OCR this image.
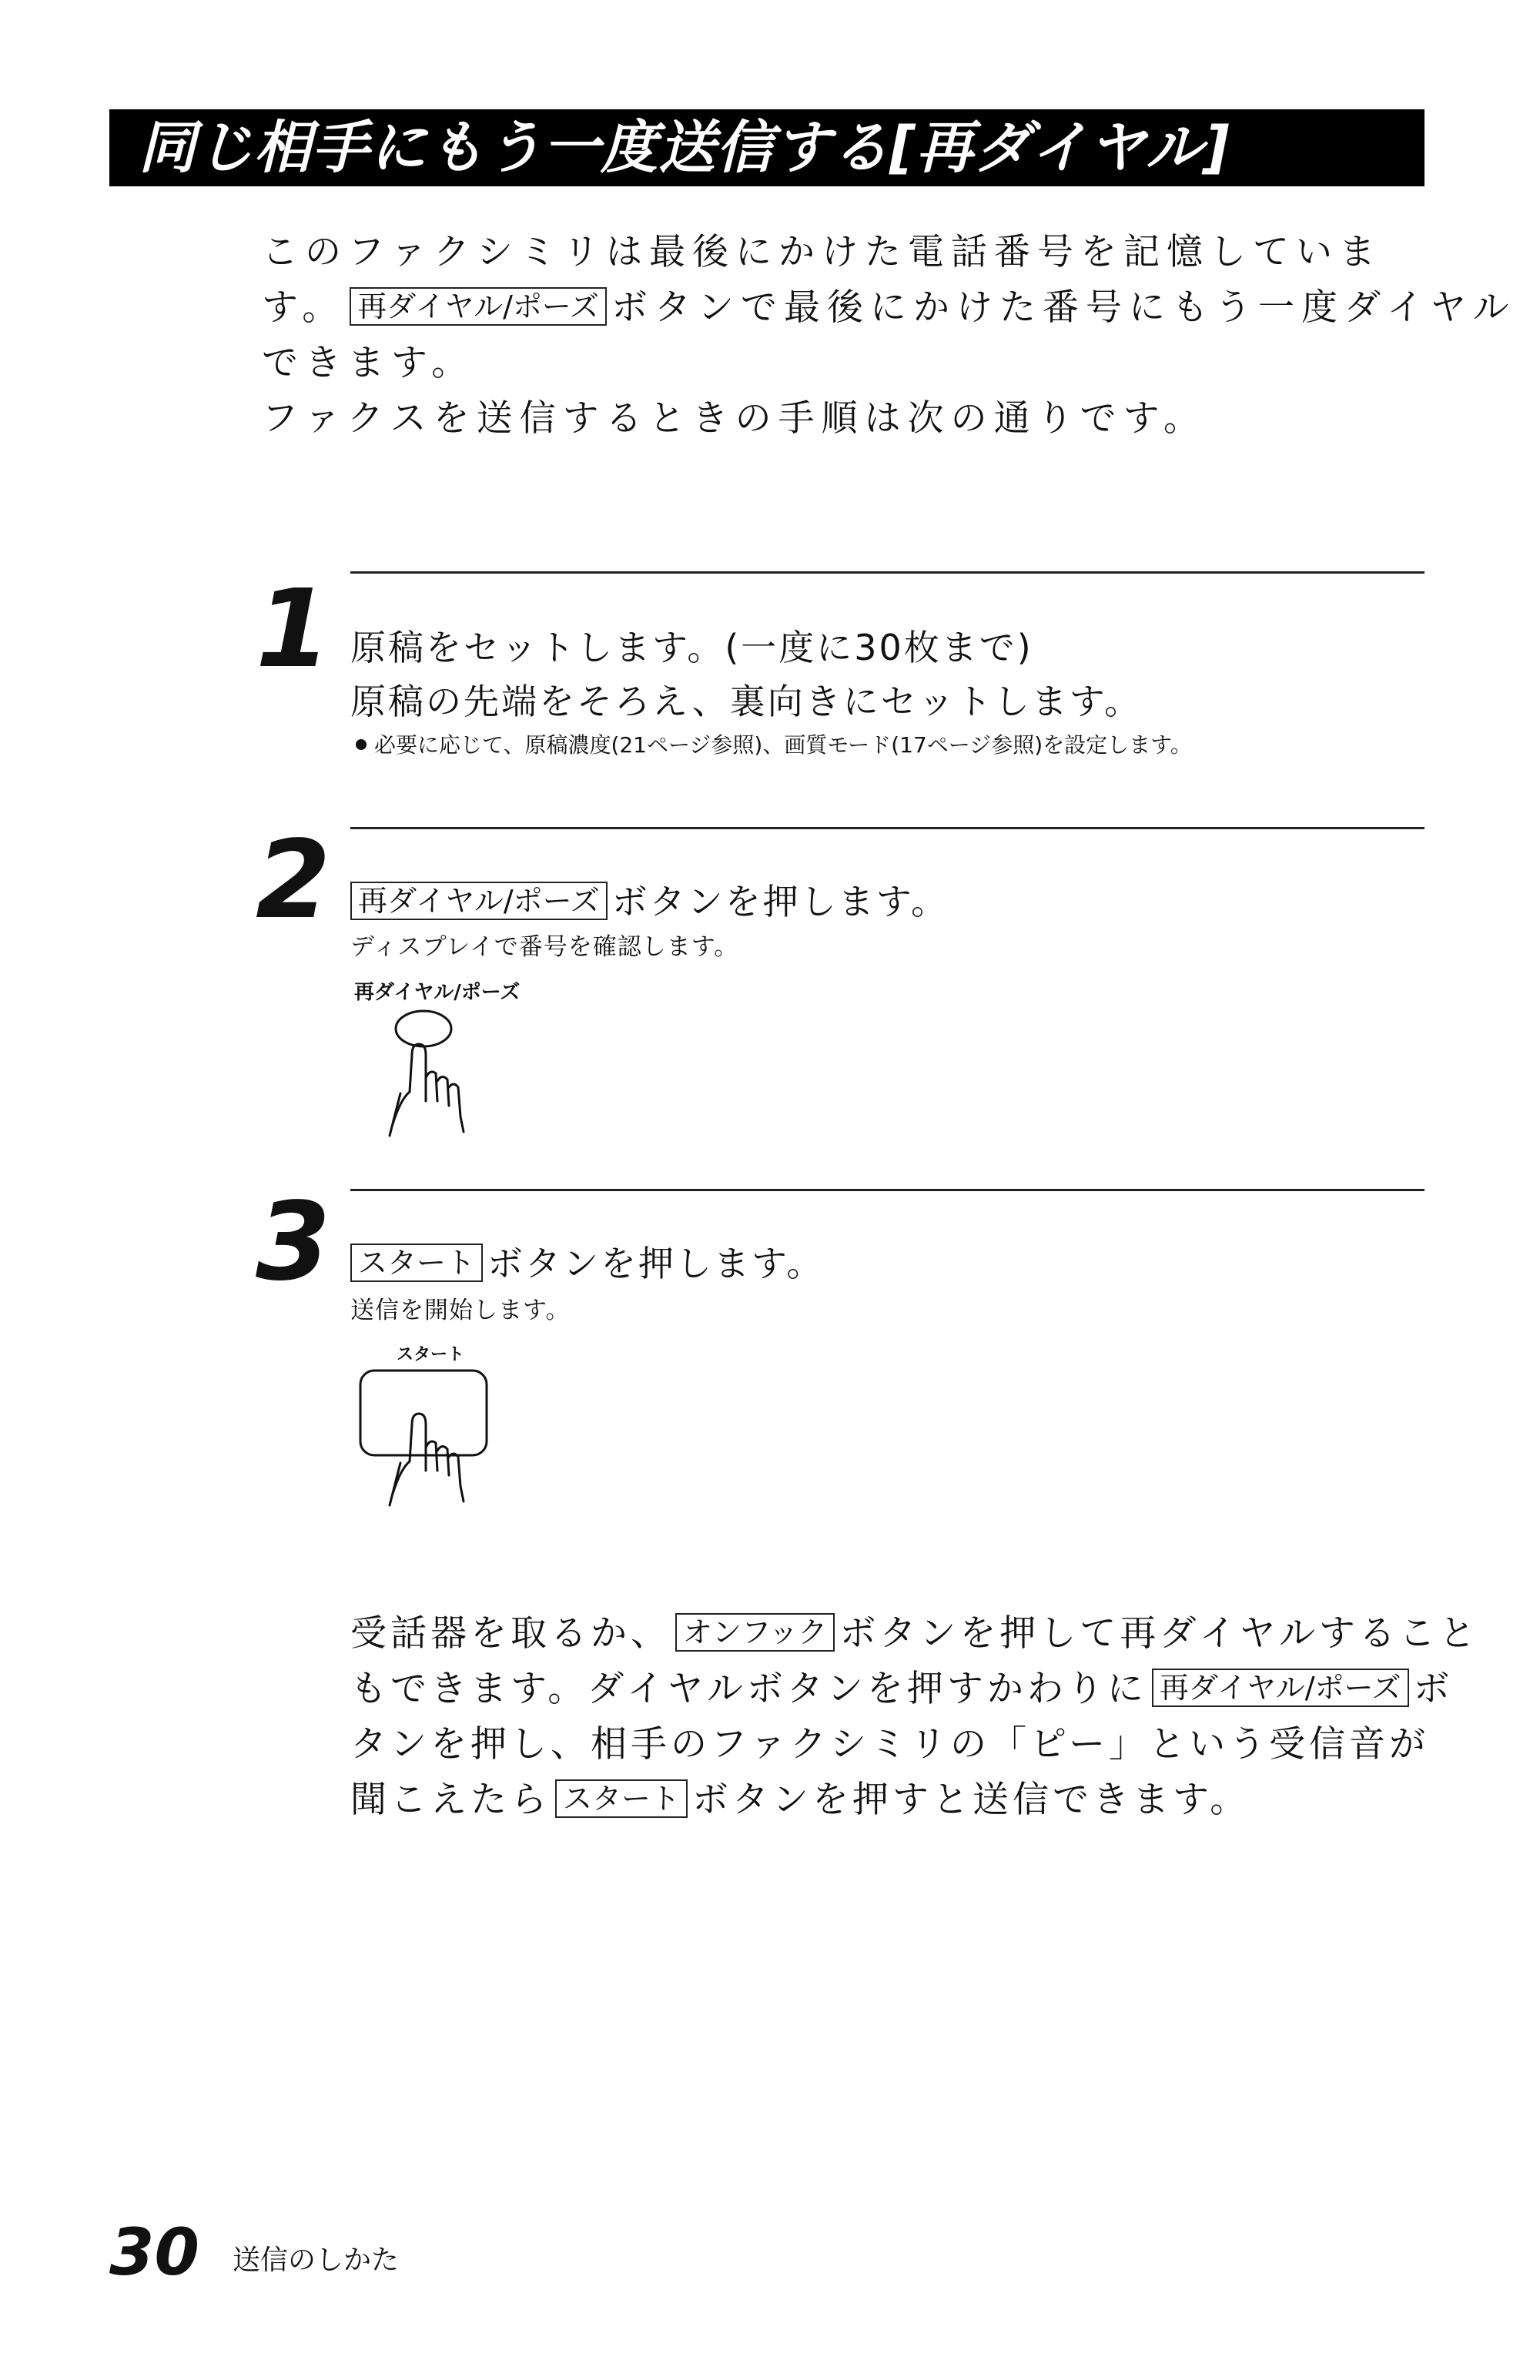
同じ相手にもう一度送信する[再ダイヤル]
このファクシミリは最後にかけた電話番号を記憶していま
す。 再ダイヤル/ポーズ ボタンで最後にかけた番号にもう一度ダイヤル
できます。
ファクスを送信するときの手順は次の通りです。
1 原稿をセットします。(一度に30枚まで)
原稿の先端をそろえ、裏向きにセットします。
必要に応じて、原稿濃度(21ページ参照)、画質モード(17ページ参照)を設定します。
2 再ダイヤル/ポーズ ボタンを押します。
ディスプレイで番号を確認します。
再ダイヤル/ポーズ
3 スタート ボタンを押します。
送信を開始します。
スタート
受話器を取るか、 オンフック ボタンを押して再ダイヤルすること
もできます。ダイヤルボタンを押すかわりに 再ダイヤル/ポーズ ボ
タンを押し、相手のファクシミリの「ピー」という受信音が
聞こえたら スタート ボタンを押すと送信できます。
30 送信のしかた
